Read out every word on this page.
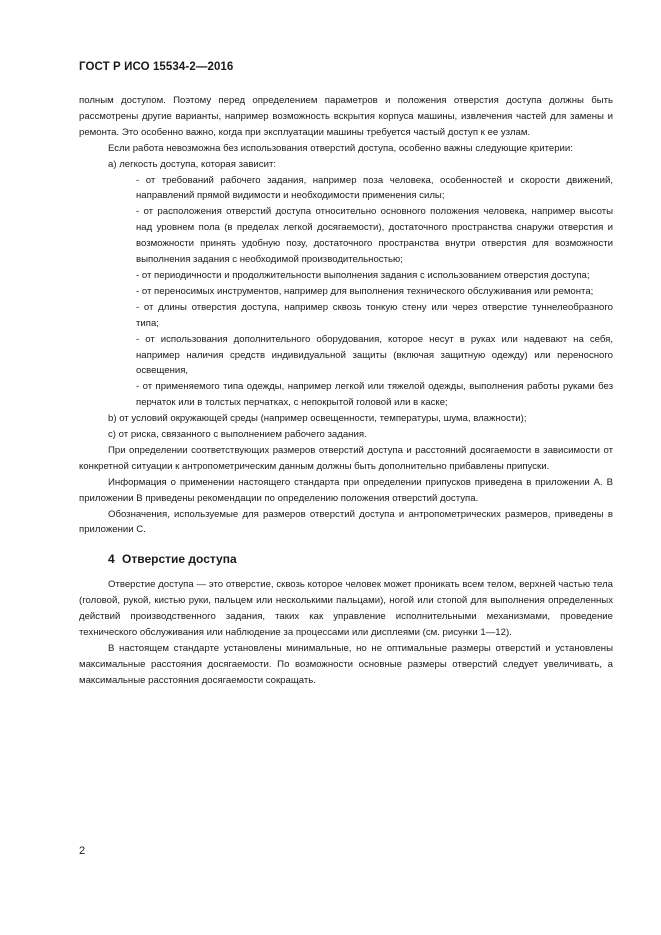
ГОСТ Р ИСО 15534-2—2016

полным доступом. Поэтому перед определением параметров и положения отверстия доступа должны быть рассмотрены другие варианты, например возможность вскрытия корпуса машины, извлечения частей для замены и ремонта. Это особенно важно, когда при эксплуатации машины требуется частый доступ к ее узлам.

Если работа невозможна без использования отверстий доступа, особенно важны следующие критерии:

а) легкость доступа, которая зависит:

- от требований рабочего задания, например поза человека, особенностей и скорости движений, направлений прямой видимости и необходимости применения силы;

- от расположения отверстий доступа относительно основного положения человека, например высоты над уровнем пола (в пределах легкой досягаемости), достаточного пространства снаружи отверстия и возможности принять удобную позу, достаточного пространства внутри отверстия для возможности выполнения задания с необходимой производительностью;

- от периодичности и продолжительности выполнения задания с использованием отверстия доступа;

- от переносимых инструментов, например для выполнения технического обслуживания или ремонта;

- от длины отверстия доступа, например сквозь тонкую стену или через отверстие туннелеобразного типа;

- от использования дополнительного оборудования, которое несут в руках или надевают на себя, например наличия средств индивидуальной защиты (включая защитную одежду) или переносного освещения,

- от применяемого типа одежды, например легкой или тяжелой одежды, выполнения работы руками без перчаток или в толстых перчатках, с непокрытой головой или в каске;

b) от условий окружающей среды (например освещенности, температуры, шума, влажности);

c) от риска, связанного с выполнением рабочего задания.

При определении соответствующих размеров отверстий доступа и расстояний досягаемости в зависимости от конкретной ситуации к антропометрическим данным должны быть дополнительно прибавлены припуски.

Информация о применении настоящего стандарта при определении припусков приведена в приложении А. В приложении В приведены рекомендации по определению положения отверстий доступа.

Обозначения, используемые для размеров отверстий доступа и антропометрических размеров, приведены в приложении С.

4 Отверстие доступа

Отверстие доступа — это отверстие, сквозь которое человек может проникать всем телом, верхней частью тела (головой, рукой, кистью руки, пальцем или несколькими пальцами), ногой или стопой для выполнения определенных действий производственного задания, таких как управление исполнительными механизмами, проведение технического обслуживания или наблюдение за процессами или дисплеями (см. рисунки 1—12).

В настоящем стандарте установлены минимальные, но не оптимальные размеры отверстий и установлены максимальные расстояния досягаемости. По возможности основные размеры отверстий следует увеличивать, а максимальные расстояния досягаемости сокращать.

2
